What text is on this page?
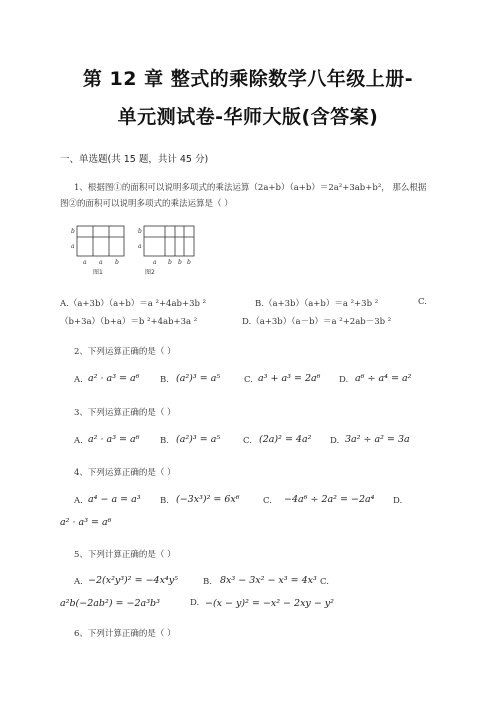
第 12 章 整式的乘除数学八年级上册-
单元测试卷-华师大版(含答案)
一、单选题(共 15 题，共计 45 分)
1、根据图①的面积可以说明多项式的乘法运算（2a+b）（a+b）＝2a²+3ab+b²， 那么根据
图②的面积可以说明多项式的乘法运算是（ ）
b
a
a a b
b
a
a b b b
图1	图2
A.（a+3b）（a+b）＝a ²+4ab+3b ²	B.（a+3b）（a+b）＝a ²+3b ²	C.
（b+3a）（b+a）＝b ²+4ab+3a ²	D.（a+3b）（a－b）＝a ²+2ab－3b ²
2、下列运算正确的是（ ）
A. a² · a³ = a⁶ B. (a²)³ = a⁵	C. a³ + a³ = 2a⁶ D. a⁶ ÷ a⁴ = a²
3、下列运算正确的是（ ）
A. a² · a³ = a⁶ B. (a²)³ = a⁵	C. (2a)² = 4a² D. 3a² ÷ a² = 3a
4、下列运算正确的是（ ）
A. a⁴ − a = a³ B. (−3x³)² = 6x⁶	C. −4a⁶ ÷ 2a² = −2a⁴ D.
a² · a³ = a⁶
5、下列计算正确的是（ ）
A. −2(x²y³)² = −4x⁴y⁵	B. 8x³ − 3x² − x³ = 4x³ C.
a²b(−2ab²) = −2a³b³	D. −(x − y)² = −x² − 2xy − y²
6、下列计算正确的是（ ）
